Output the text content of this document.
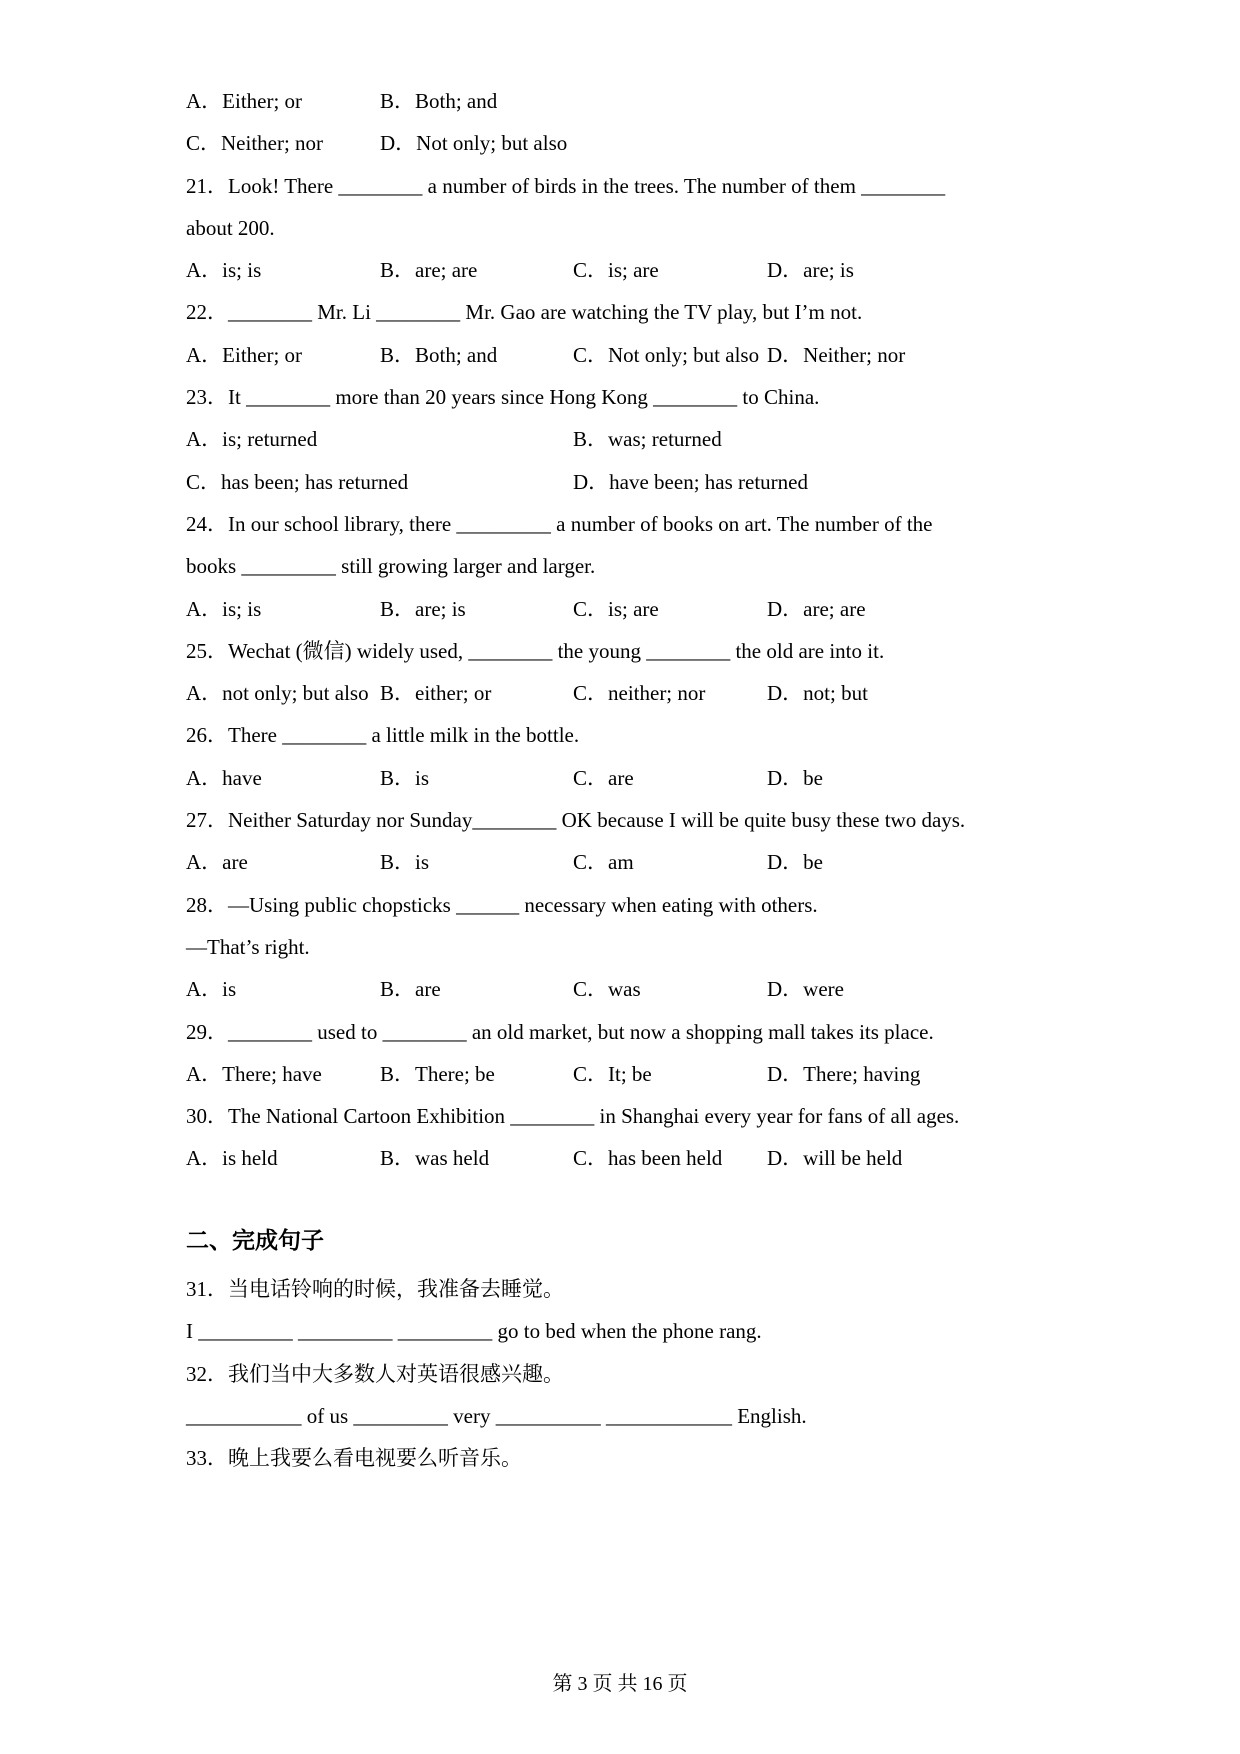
A．Either; or	B．Both; and
C．Neither; nor	D．Not only; but also
21．Look! There ________ a number of birds in the trees. The number of them ________
about 200.
A．is; is	B．are; are	C．is; are	D．are; is
22．________ Mr. Li ________ Mr. Gao are watching the TV play, but I’m not.
A．Either; or	B．Both; and	C．Not only; but also D．Neither; nor
23．It ________ more than 20 years since Hong Kong ________ to China.
A．is; returned	B．was; returned
C．has been; has returned	D．have been; has returned
24．In our school library, there _________ a number of books on art. The number of the
books _________ still growing larger and larger.
A．is; is	B．are; is	C．is; are	D．are; are
25．Wechat (微信) widely used, ________ the young ________ the old are into it.
A．not only; but also B．either; or	C．neither; nor	D．not; but
26．There ________ a little milk in the bottle.
A．have	B．is	C．are	D．be
27．Neither Saturday nor Sunday________ OK because I will be quite busy these two days.
A．are	B．is	C．am	D．be
28．—Using public chopsticks ______ necessary when eating with others.
—That’s right.
A．is	B．are	C．was	D．were
29．________ used to ________ an old market, but now a shopping mall takes its place.
A．There; have	B．There; be	C．It; be	D．There; having
30．The National Cartoon Exhibition ________ in Shanghai every year for fans of all ages.
A．is held	B．was held	C．has been held D．will be held
二、完成句子
31．当电话铃响的时候，我准备去睡觉。
I _________ _________ _________ go to bed when the phone rang.
32．我们当中大多数人对英语很感兴趣。
___________ of us _________ very __________ ____________ English.
33．晚上我要么看电视要么听音乐。
第 3 页 共 16 页
